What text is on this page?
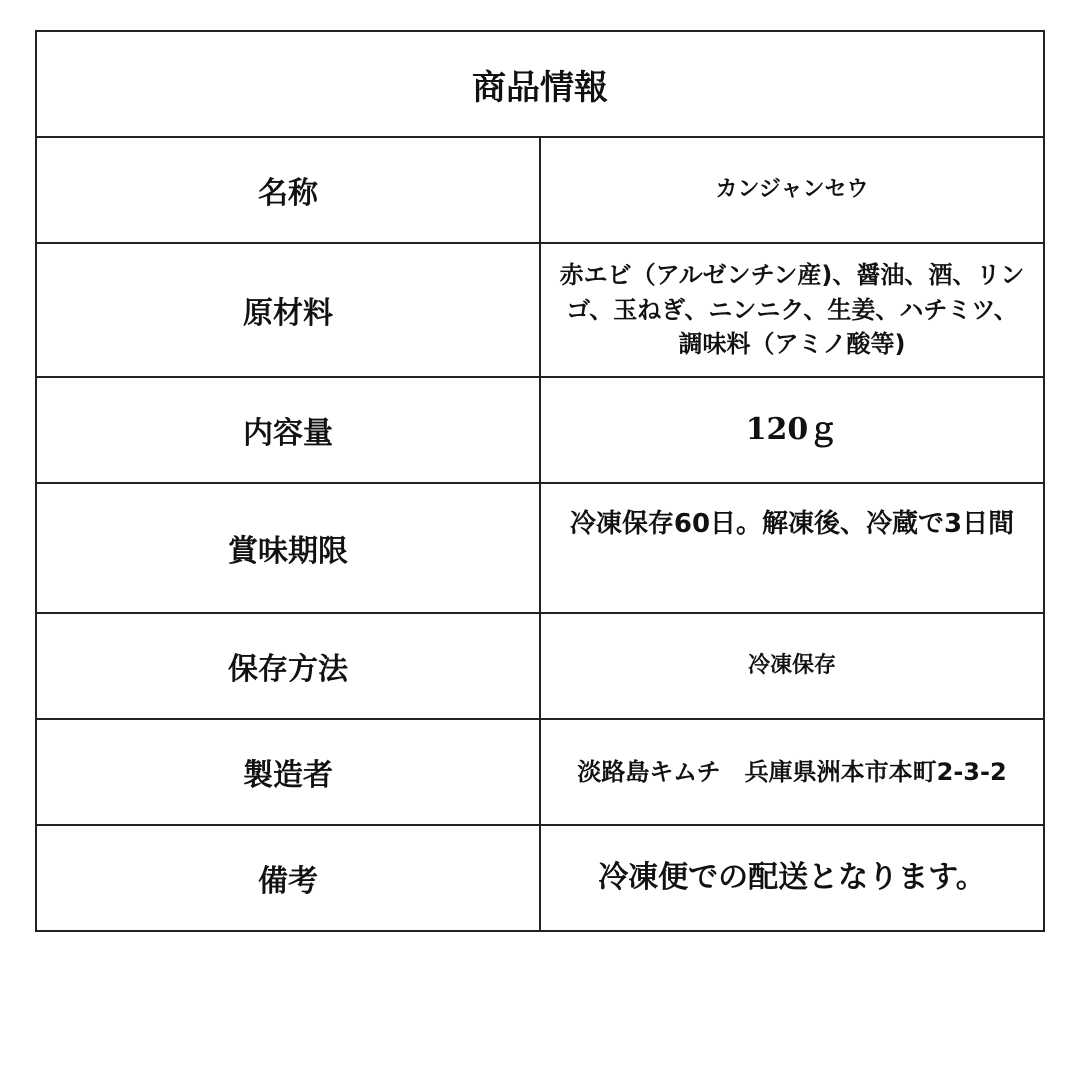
商品情報	
名称	カンジャンセウ
原材料	赤エビ（アルゼンチン産)、醤油、酒、リンゴ、玉ねぎ、ニンニク、生姜、ハチミツ、調味料（アミノ酸等)
内容量	120ｇ
賞味期限	冷凍保存60日。解凍後、冷蔵で3日間
保存方法	冷凍保存
製造者	淡路島キムチ　兵庫県洲本市本町2-3-2
備考	冷凍便での配送となります。
